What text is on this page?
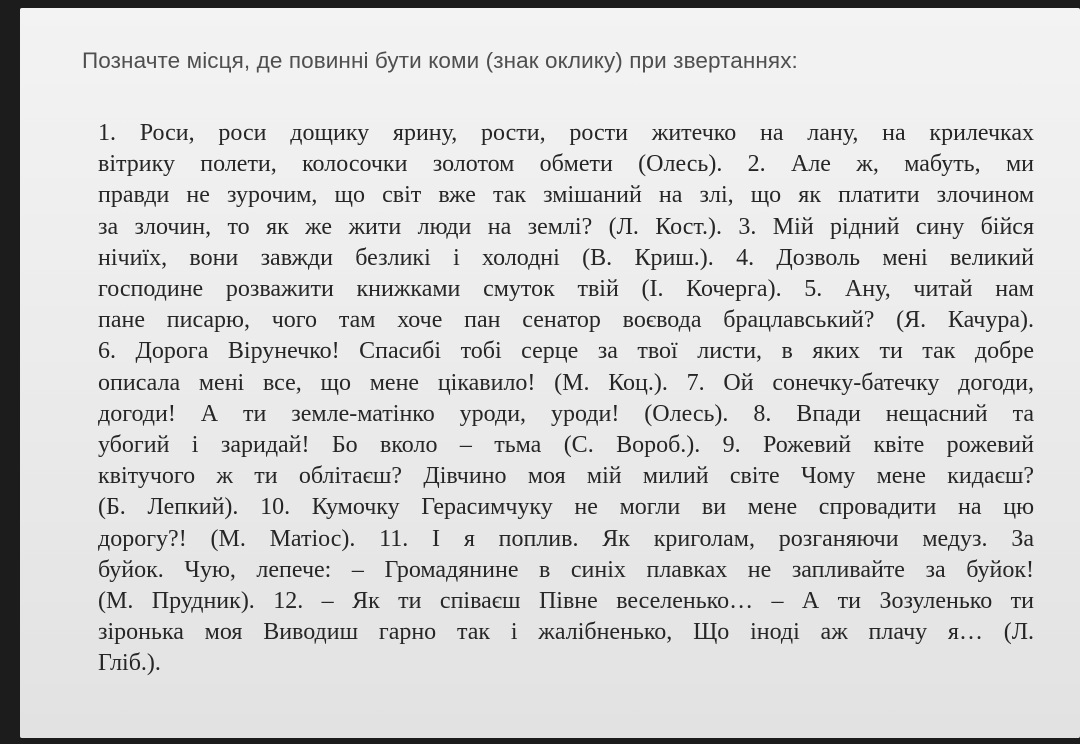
Позначте місця, де повинні бути коми (знак оклику) при звертаннях:
1. Роси, роси дощику ярину, рости, рости житечко на лану, на крилечках
вітрику полети, колосочки золотом обмети (Олесь). 2. Але ж, мабуть, ми
правди не зурочим, що світ вже так змішаний на злі, що як платити злочином
за злочин, то як же жити люди на землі? (Л. Кост.). 3. Мій рідний сину бійся
нічиїх, вони завжди безликі і холодні (В. Криш.). 4. Дозволь мені великий
господине розважити книжками смуток твій (І. Кочерга). 5. Ану, читай нам
пане писарю, чого там хоче пан сенатор воєвода брацлавський? (Я. Качура).
6. Дорога Вірунечко! Спасибі тобі серце за твої листи, в яких ти так добре
описала мені все, що мене цікавило! (М. Коц.). 7. Ой сонечку-батечку догоди,
догоди! А ти земле-матінко уроди, уроди! (Олесь). 8. Впади нещасний та
убогий і заридай! Бо вколо – тьма (С. Вороб.). 9. Рожевий квіте рожевий
квітучого ж ти облітаєш? Дівчино моя мій милий світе Чому мене кидаєш?
(Б. Лепкий). 10. Кумочку Герасимчуку не могли ви мене спровадити на цю
дорогу?! (М. Матіос). 11. І я поплив. Як криголам, розганяючи медуз. За
буйок. Чую, лепече: – Громадянине в синіх плавках не запливайте за буйок!
(М. Прудник). 12. – Як ти співаєш Півне веселенько… – А ти Зозуленько ти
зіронька моя Виводиш гарно так і жалібненько, Що іноді аж плачу я… (Л.
Гліб.).
